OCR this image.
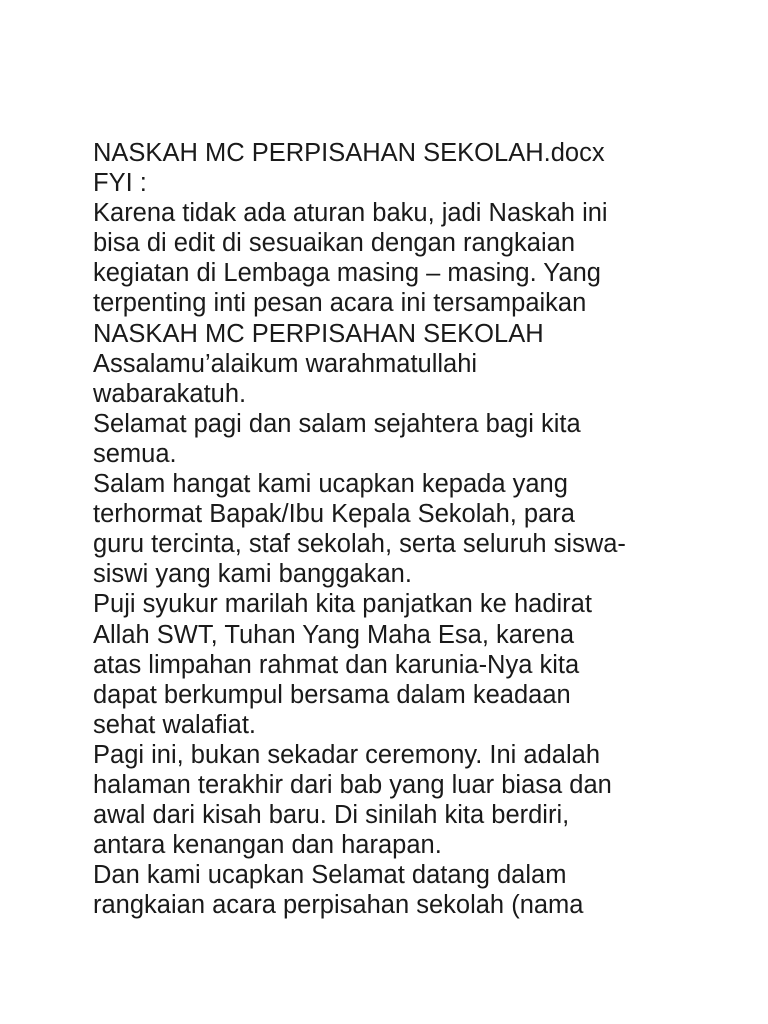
NASKAH MC PERPISAHAN SEKOLAH.docx
FYI :
Karena tidak ada aturan baku, jadi Naskah ini
bisa di edit di sesuaikan dengan rangkaian
kegiatan di Lembaga masing – masing. Yang
terpenting inti pesan acara ini tersampaikan
NASKAH MC PERPISAHAN SEKOLAH
Assalamu’alaikum warahmatullahi
wabarakatuh.
Selamat pagi dan salam sejahtera bagi kita
semua.
Salam hangat kami ucapkan kepada yang
terhormat Bapak/Ibu Kepala Sekolah, para
guru tercinta, staf sekolah, serta seluruh siswa-
siswi yang kami banggakan.
Puji syukur marilah kita panjatkan ke hadirat
Allah SWT, Tuhan Yang Maha Esa, karena
atas limpahan rahmat dan karunia-Nya kita
dapat berkumpul bersama dalam keadaan
sehat walafiat.
Pagi ini, bukan sekadar ceremony. Ini adalah
halaman terakhir dari bab yang luar biasa dan
awal dari kisah baru. Di sinilah kita berdiri,
antara kenangan dan harapan.
Dan kami ucapkan Selamat datang dalam
rangkaian acara perpisahan sekolah (nama
